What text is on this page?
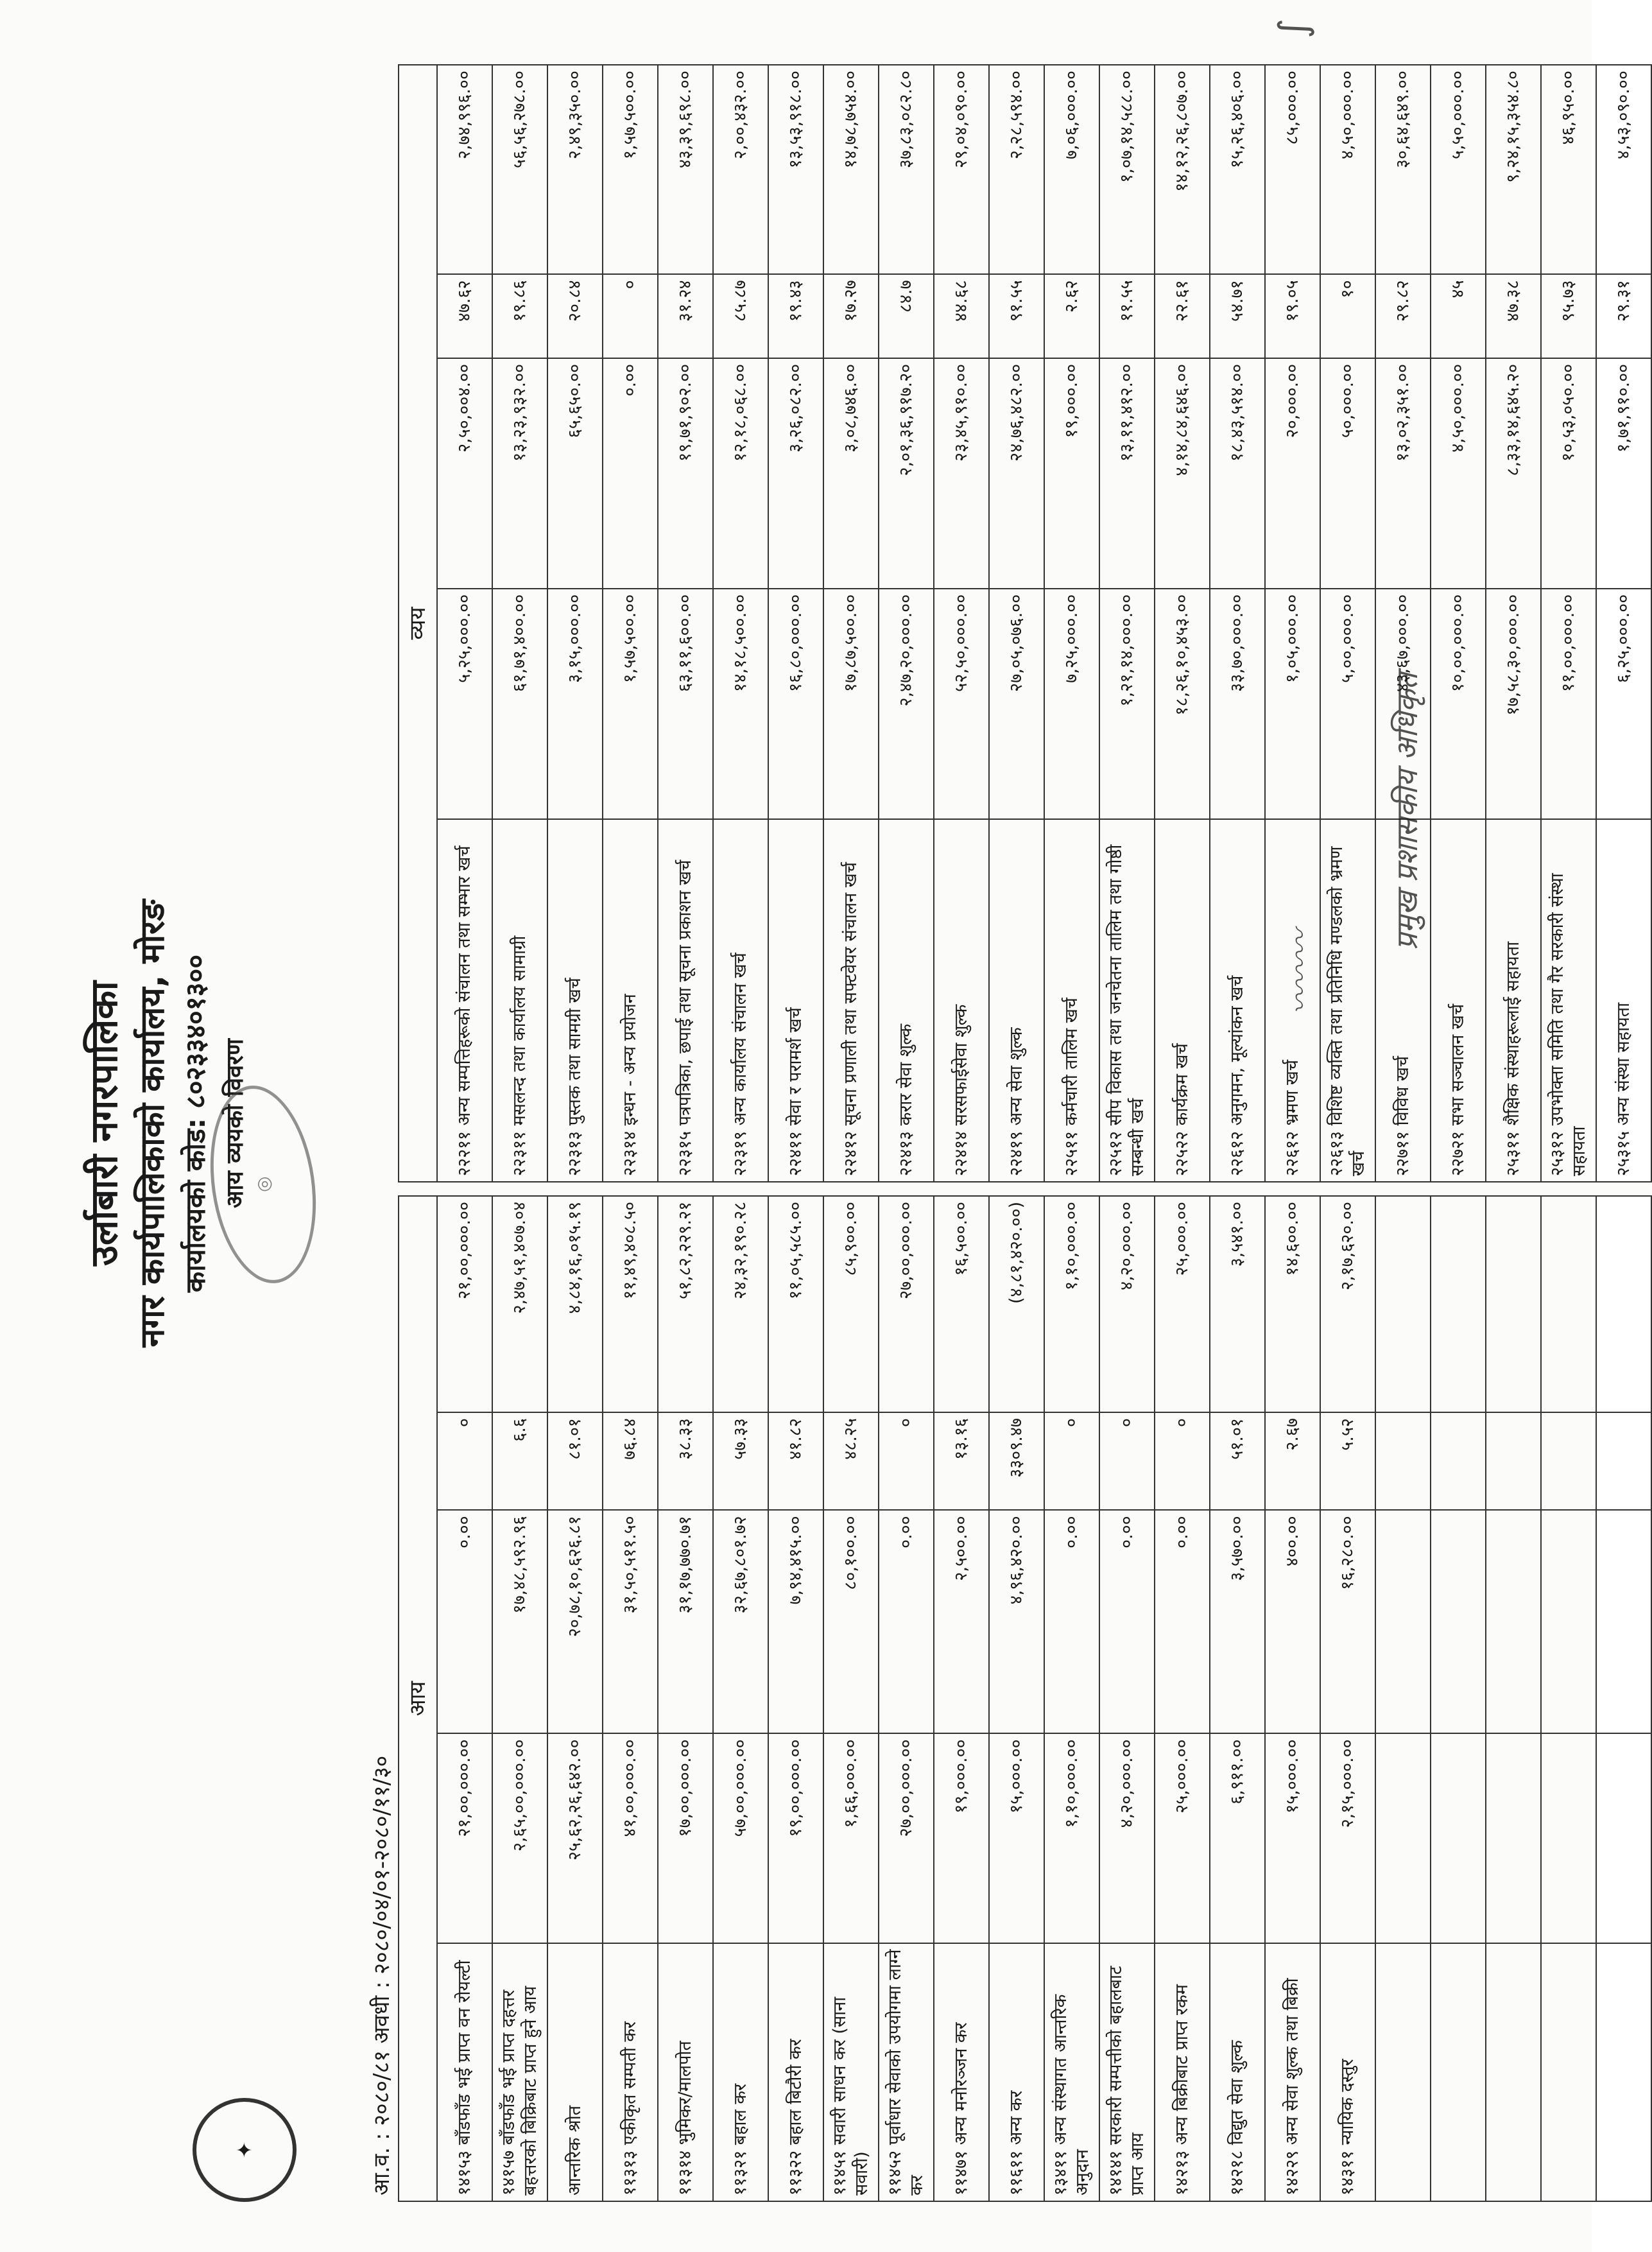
✦
उर्लाबारी नगरपालिका नगर कार्यपालिकाको कार्यालय, मोरङ कार्यालयको कोड: ८०२३३४०१३०० आय व्ययको विवरण ◎
आ.व. : २०८०/८१ अवधी : २०८०/०४/०१-२०८०/११/३०
आय						व्यय				
१४१५३ बाँडफाँड भई प्राप्त वन रोयल्टी	२१,००,०००.००	०.००	०	२१,००,०००.००		२२२११ अन्य सम्पत्तिहरूको संचालन तथा सम्भार खर्च	५,२५,०००.००	२,५०,००४.००	४७.६२	२,७४,९९६.००
१४१५७ बाँडफाँड भई प्राप्त दहत्तर बहत्तरको बिक्रिबाट प्राप्त हुने आय	२,६५,००,०००.००	१७,४८,५९२.९६	६.६	२,४७,५१,४०७.०४		२२३११ मसलन्द तथा कार्यालय सामाग्री	६१,७१,४००.००	१३,२३,९३२.००	१९.८६	५६,५६,२७८.००
आन्तरिक श्रोत	२५,६२,२६,६४२.००	२०,७८,१०,६२६.८१	८१.०१	४,८४,१६,०१५.१९		२२३१३ पुस्तक तथा सामग्री खर्च	३,१५,०००.००	६५,६५०.००	२०.८४	२,४९,३५०.००
११३१३ एकीकृत सम्पती कर	४१,००,०००.००	३१,५०,५११.५०	७६.८४	११,४९,४०८.५०		२२३१४ इन्धन - अन्य प्रयोजन	१,५७,५००.००	०.००	०	१,५७,५००.००
११३१४ भुमिकर/मालपोत	१७,००,०००.००	३१,१७,७७०.७१	३८.३३	५१,८२,२२९.२१		२२३१५ पत्रपत्रिका, छपाई तथा सूचना प्रकाशन खर्च	६३,११,६००.००	१९,७१,९०२.००	३१.२४	४३,३९,६९८.००
११३२१ बहाल कर	५७,००,०००.००	३२,६७,८०१.७२	५७.३३	२४,३२,१९०.२८		२२३१९ अन्य कार्यालय संचालन खर्च	१४,१८,५००.००	१२,१८,०६८.००	८५.८७	२,००,४३२.००
११३२२ बहाल बिटौरी कर	१९,००,०००.००	७,९४,४१५.००	४१.८२	११,०५,५८५.००		२२४११ सेवा र परामर्श खर्च	१६,८०,०००.००	३,२६,०८२.००	१९.४३	१३,५३,९१८.००
११४५१ सवारी साधन कर (साना सवारी)	१,६६,०००.००	८०,१००.००	४८.२५	८५,९००.००		२२४१२ सूचना प्रणाली तथा सफ्टवेयर संचालन खर्च	१७,८७,५००.००	३,०८,७४६.००	१७.२७	१४,७८,७५४.००
११४५२ पूर्वाधार सेवाको उपयोगमा लाग्ने कर	२७,००,०००.००	०.००	०	२७,००,०००.००		२२४१३ करार सेवा शुल्क	२,४७,२०,०००.००	२,०१,३६,९१७.२०	८४.७	३७,८३,०८२.८०
११४७१ अन्य मनोरञ्जन कर	१९,०००.००	२,५००.००	१३.१६	१६,५००.००		२२४१४ सरसफाईसेवा शुल्क	५२,५०,०००.००	२३,४५,९१०.००	४४.६८	२९,०४,०९०.००
११६११ अन्य कर	१५,०००.००	४,९६,४२०.००	३३०९.४७	(४,८१,४२०.००)		२२४१९ अन्य सेवा शुल्क	२७,०५,०७६.००	२४,७६,४८२.००	९१.५५	२,२८,५९४.००
१३४११ अन्य संस्थागत आन्तरिक अनुदान	१,१०,०००.००	०.००	०	१,१०,०००.००		२२५११ कर्मचारी तालिम खर्च	७,२५,०००.००	१९,०००.००	२.६२	७,०६,०००.००
१४१४१ सरकारी सम्पत्तीको बहालबाट प्राप्त आय	४,२०,०००.००	०.००	०	४,२०,०००.००		२२५१२ सीप विकास तथा जनचेतना तालिम तथा गोष्ठी सम्बन्धी खर्च	१,२१,१४,०००.००	१३,११,४१२.००	११.५५	१,०७,१४,५८८.००
१४२१३ अन्य बिक्रीबाट प्राप्त रकम	२५,०००.००	०.००	०	२५,०००.००		२२५२२ कार्यक्रम खर्च	१८,२६,१०,४५३.००	४,१४,८४,६४६.००	२२.६१	१४,१२,२६,८०७.००
१४२१८ विद्युत सेवा शुल्क	६,९११.००	३,५७०.००	५१.०१	३,५४१.००		२२६१२ अनुगमन, मूल्यांकन खर्च	३३,७०,०००.००	१८,४३,५१४.००	५४.७१	१५,२६,४०६.००
१४२२९ अन्य सेवा शुल्क तथा बिक्री	१५,०००.००	४००.००	२.६७	१४,६००.००		२२६१२ भ्रमण खर्च	१,०५,०००.००	२०,०००.००	१९.०५	८५,०००.००
१४३११ न्यायिक दस्तुर	२,१५,०००.००	१६,२८०.००	५.५२	२,१७,६२०.००		२२६१३ विशिष्ट व्यक्ति तथा प्रतिनिधि मण्डलको भ्रमण खर्च	५,००,०००.००	५०,०००.००	१०	४,५०,०००.००
						२२७११ विविध खर्च	४३,६७,०००.००	१३,०२,३५१.००	२९.८२	३०,६४,६४९.००
						२२७२१ सभा सञ्चालन खर्च	१०,००,०००.००	४,५०,०००.००	४५	५,५०,०००.००
						२५३११ शैक्षिक संस्थाहरूलाई सहायता	१७,५८,३०,०००.००	८,३३,१४,६४५.२०	४७.३८	९,२४,१५,३५४.८०
						२५३१२ उपभोक्ता समिति तथा गैर सरकारी संस्था सहायता	११,००,०००.००	१०,५३,०५०.००	९५.७३	४६,९५०.००
						२५३१५ अन्य संस्था सहायता	६,२५,०००.००	१,७१,९१०.००	२९.३१	४,५३,०९०.००
〰〰〰
प्रमुख प्रशासकीय अधिकृत
∫
